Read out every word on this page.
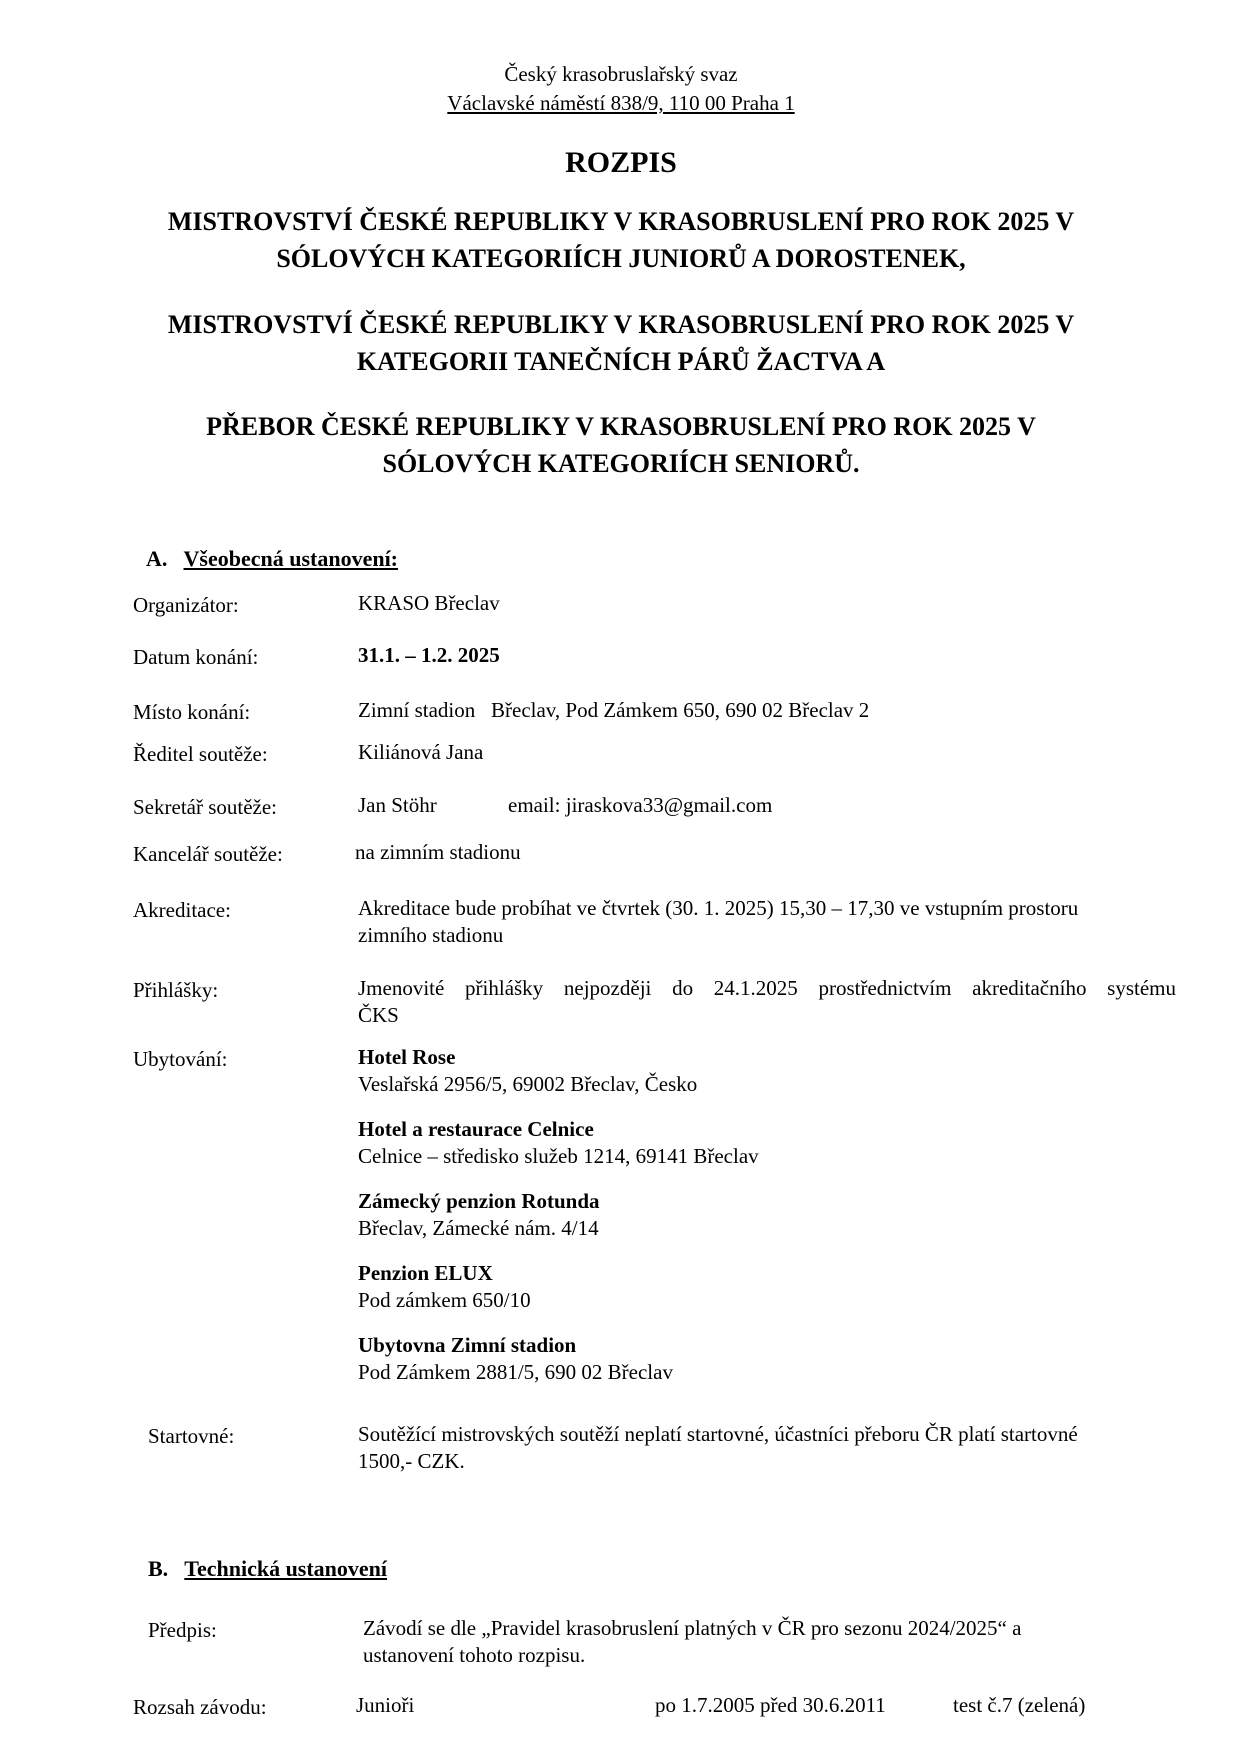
Český krasobruslařský svaz
Václavské náměstí 838/9, 110 00 Praha 1
ROZPIS
MISTROVSTVÍ ČESKÉ REPUBLIKY V KRASOBRUSLENÍ PRO ROK 2025 V
SÓLOVÝCH KATEGORIÍCH JUNIORŮ A DOROSTENEK,
MISTROVSTVÍ ČESKÉ REPUBLIKY V KRASOBRUSLENÍ PRO ROK 2025 V
KATEGORII TANEČNÍCH PÁRŮ ŽACTVA A
PŘEBOR ČESKÉ REPUBLIKY V KRASOBRUSLENÍ PRO ROK 2025 V
SÓLOVÝCH KATEGORIÍCH SENIORŮ.
A. Všeobecná ustanovení:
Organizátor:	KRASO Břeclav
Datum konání:	31.1. – 1.2. 2025
Místo konání:	Zimní stadion   Břeclav, Pod Zámkem 650, 690 02 Břeclav 2
Ředitel soutěže:	Kiliánová Jana
Sekretář soutěže:	Jan Stöhr	email: jiraskova33@gmail.com
Kancelář soutěže:	na zimním stadionu
Akreditace:	Akreditace bude probíhat ve čtvrtek (30. 1. 2025) 15,30 – 17,30 ve vstupním prostoru
zimního stadionu
Přihlášky:	Jmenovité přihlášky nejpozději do 24.1.2025 prostřednictvím akreditačního systému
ČKS
Ubytování:	Hotel Rose
Veslařská 2956/5, 69002 Břeclav, Česko
Hotel a restaurace Celnice
Celnice – středisko služeb 1214, 69141 Břeclav
Zámecký penzion Rotunda
Břeclav, Zámecké nám. 4/14
Penzion ELUX
Pod zámkem 650/10
Ubytovna Zimní stadion
Pod Zámkem 2881/5, 690 02 Břeclav
Startovné:	Soutěžící mistrovských soutěží neplatí startovné, účastníci přeboru ČR platí startovné
1500,- CZK.
B. Technická ustanovení
Předpis:	Závodí se dle „Pravidel krasobruslení platných v ČR pro sezonu 2024/2025“ a
ustanovení tohoto rozpisu.
Rozsah závodu:	Junioři	po 1.7.2005 před 30.6.2011	test č.7 (zelená)
